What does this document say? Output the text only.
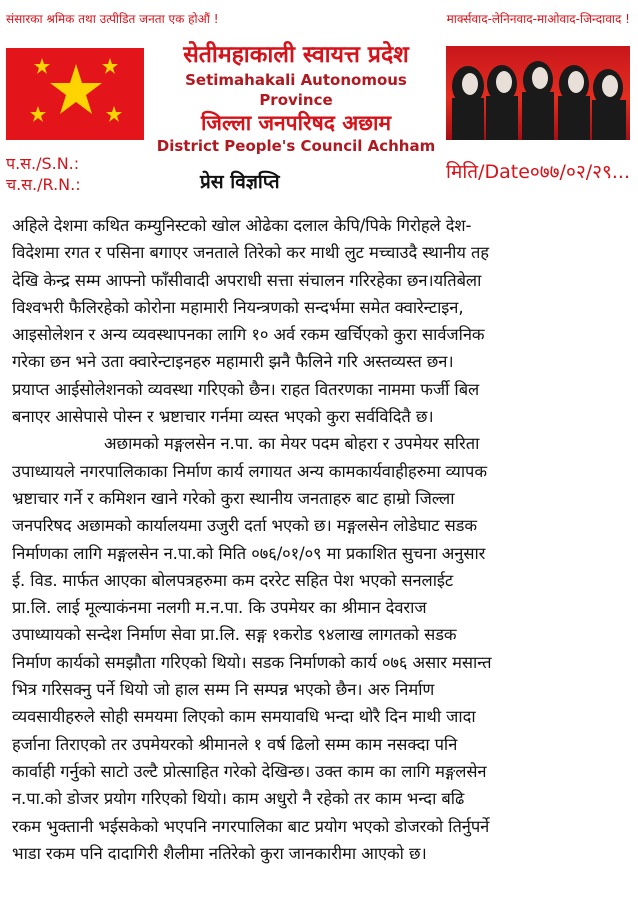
संसारका श्रमिक तथा उत्पीडित जनता एक होऔं !	मार्क्सवाद-लेनिनवाद-माओवाद-जिन्दावाद !
सेतीमहाकाली स्वायत्त प्रदेश
Setimahakali Autonomous Province
जिल्ला जनपरिषद अछाम
District People's Council Achham
प.स./S.N.:
च.स./R.N.:	प्रेस विज्ञप्ति	मिति/Date०७७/०२/२९...
अहिले देशमा कथित कम्युनिस्टको खोल ओढेका दलाल केपि/पिके गिरोहले देश-
विदेशमा रगत र पसिना बगाएर जनताले तिरेको कर माथी लुट मच्चाउदै स्थानीय तह
देखि केन्द्र सम्म आफ्नो फाँसीवादी अपराधी सत्ता संचालन गरिरहेका छन।यतिबेला
विश्वभरी फैलिरहेको कोरोना महामारी नियन्त्रणको सन्दर्भमा समेत क्वारेन्टाइन,
आइसोलेशन र अन्य व्यवस्थापनका लागि १० अर्व रकम खर्चिएको कुरा सार्वजनिक
गरेका छन भने उता क्वारेन्टाइनहरु महामारी झनै फैलिने गरि अस्तव्यस्त छन।
प्रयाप्त आईसोलेशनको व्यवस्था गरिएको छैन। राहत वितरणका नाममा फर्जी बिल
बनाएर आसेपासे पोस्न र भ्रष्टाचार गर्नमा व्यस्त भएको कुरा सर्वविदितै छ।
अछामको मङ्गलसेन न.पा. का मेयर पदम बोहरा र उपमेयर सरिता
उपाध्यायले नगरपालिकाका निर्माण कार्य लगायत अन्य कामकार्यवाहीहरुमा व्यापक
भ्रष्टाचार गर्ने र कमिशन खाने गरेको कुरा स्थानीय जनताहरु बाट हाम्रो जिल्ला
जनपरिषद अछामको कार्यालयमा उजुरी दर्ता भएको छ। मङ्गलसेन लोडेघाट सडक
निर्माणका लागि मङ्गलसेन न.पा.को मिति ०७६/०१/०९ मा प्रकाशित सुचना अनुसार
ई. विड. मार्फत आएका बोलपत्रहरुमा कम दररेट सहित पेश भएको सनलाईट
प्रा.लि. लाई मूल्याकंनमा नलगी म.न.पा. कि उपमेयर का श्रीमान देवराज
उपाध्यायको सन्देश निर्माण सेवा प्रा.लि. सङ्ग १करोड ९४लाख लागतको सडक
निर्माण कार्यको समझौता गरिएको थियो। सडक निर्माणको कार्य ०७६ असार मसान्त
भित्र गरिसक्नु पर्ने थियो जो हाल सम्म नि सम्पन्न भएको छैन। अरु निर्माण
व्यवसायीहरुले सोही समयमा लिएको काम समयावधि भन्दा थोरै दिन माथी जादा
हर्जाना तिराएको तर उपमेयरको श्रीमानले १ वर्ष ढिलो सम्म काम नसक्दा पनि
कार्वाही गर्नुको साटो उल्टै प्रोत्साहित गरेको देखिन्छ। उक्त काम का लागि मङ्गलसेन
न.पा.को डोजर प्रयोग गरिएको थियो। काम अधुरो नै रहेको तर काम भन्दा बढि
रकम भुक्तानी भईसकेको भएपनि नगरपालिका बाट प्रयोग भएको डोजरको तिर्नुपर्ने
भाडा रकम पनि दादागिरी शैलीमा नतिरेको कुरा जानकारीमा आएको छ।
